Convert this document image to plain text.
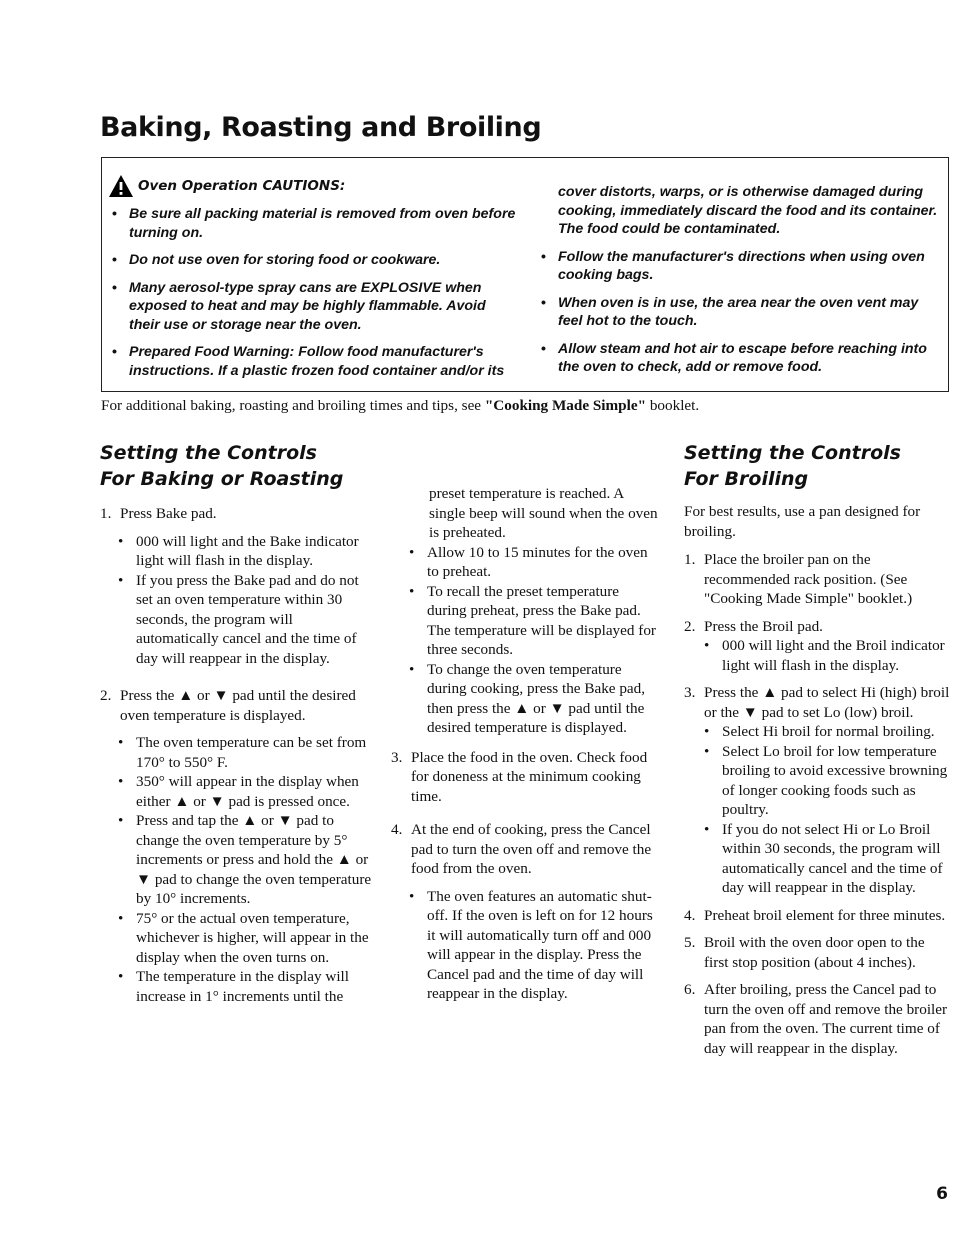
Baking, Roasting and Broiling
Oven Operation CAUTIONS:
• Be sure all packing material is removed from oven before turning on.
• Do not use oven for storing food or cookware.
• Many aerosol-type spray cans are EXPLOSIVE when exposed to heat and may be highly flammable. Avoid their use or storage near the oven.
• Prepared Food Warning: Follow food manufacturer's instructions. If a plastic frozen food container and/or its
cover distorts, warps, or is otherwise damaged during cooking, immediately discard the food and its container. The food could be contaminated.
• Follow the manufacturer's directions when using oven cooking bags.
• When oven is in use, the area near the oven vent may feel hot to the touch.
• Allow steam and hot air to escape before reaching into the oven to check, add or remove food.
For additional baking, roasting and broiling times and tips, see "Cooking Made Simple" booklet.
Setting the Controls
For Baking or Roasting
1. Press Bake pad.
• 000 will light and the Bake indicator light will flash in the display.
• If you press the Bake pad and do not set an oven temperature within 30 seconds, the program will automatically cancel and the time of day will reappear in the display.
2. Press the ▲ or ▼ pad until the desired oven temperature is displayed.
• The oven temperature can be set from 170° to 550° F.
• 350° will appear in the display when either ▲ or ▼ pad is pressed once.
• Press and tap the ▲ or ▼ pad to change the oven temperature by 5° increments or press and hold the ▲ or ▼ pad to change the oven temperature by 10° increments.
• 75° or the actual oven temperature, whichever is higher, will appear in the display when the oven turns on.
• The temperature in the display will increase in 1° increments until the
preset temperature is reached. A single beep will sound when the oven is preheated.
• Allow 10 to 15 minutes for the oven to preheat.
• To recall the preset temperature during preheat, press the Bake pad. The temperature will be displayed for three seconds.
• To change the oven temperature during cooking, press the Bake pad, then press the ▲ or ▼ pad until the desired temperature is displayed.
3. Place the food in the oven. Check food for doneness at the minimum cooking time.
4. At the end of cooking, press the Cancel pad to turn the oven off and remove the food from the oven.
• The oven features an automatic shut-off. If the oven is left on for 12 hours it will automatically turn off and 000 will appear in the display. Press the Cancel pad and the time of day will reappear in the display.
Setting the Controls
For Broiling
For best results, use a pan designed for broiling.
1. Place the broiler pan on the recommended rack position. (See "Cooking Made Simple" booklet.)
2. Press the Broil pad.
• 000 will light and the Broil indicator light will flash in the display.
3. Press the ▲ pad to select Hi (high) broil or the ▼ pad to set Lo (low) broil.
• Select Hi broil for normal broiling.
• Select Lo broil for low temperature broiling to avoid excessive browning of longer cooking foods such as poultry.
• If you do not select Hi or Lo Broil within 30 seconds, the program will automatically cancel and the time of day will reappear in the display.
4. Preheat broil element for three minutes.
5. Broil with the oven door open to the first stop position (about 4 inches).
6. After broiling, press the Cancel pad to turn the oven off and remove the broiler pan from the oven. The current time of day will reappear in the display.
6
